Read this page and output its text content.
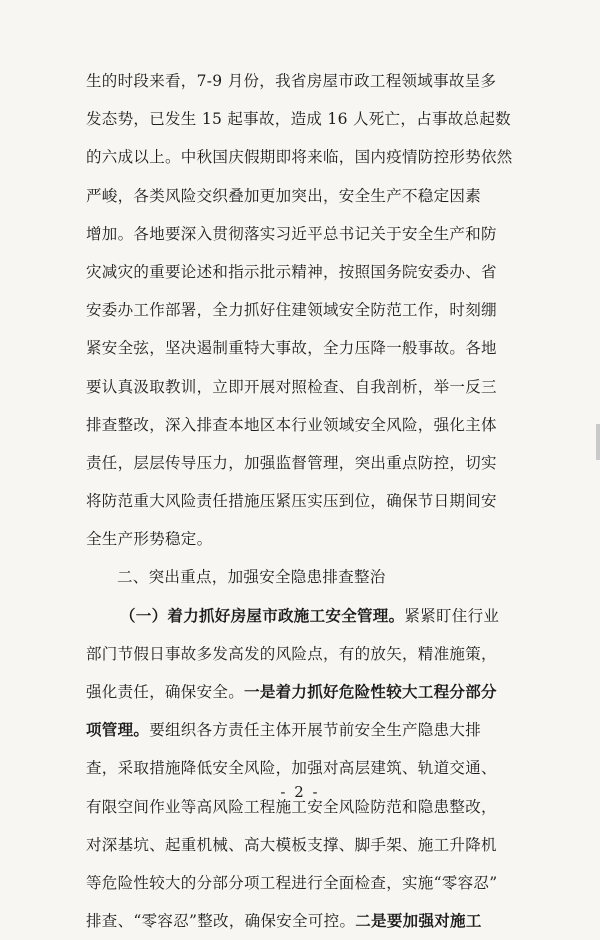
生的时段来看，7-9 月份，我省房屋市政工程领域事故呈多
发态势，已发生 15 起事故，造成 16 人死亡，占事故总起数
的六成以上。中秋国庆假期即将来临，国内疫情防控形势依然
严峻，各类风险交织叠加更加突出，安全生产不稳定因素
增加。各地要深入贯彻落实习近平总书记关于安全生产和防
灾减灾的重要论述和指示批示精神，按照国务院安委办、省
安委办工作部署，全力抓好住建领域安全防范工作，时刻绷
紧安全弦，坚决遏制重特大事故，全力压降一般事故。各地
要认真汲取教训，立即开展对照检查、自我剖析，举一反三
排查整改，深入排查本地区本行业领域安全风险，强化主体
责任，层层传导压力，加强监督管理，突出重点防控，切实
将防范重大风险责任措施压紧压实压到位，确保节日期间安
全生产形势稳定。
二、突出重点，加强安全隐患排查整治
（一）着力抓好房屋市政施工安全管理。紧紧盯住行业
部门节假日事故多发高发的风险点，有的放矢，精准施策，
强化责任，确保安全。一是着力抓好危险性较大工程分部分
项管理。要组织各方责任主体开展节前安全生产隐患大排
查，采取措施降低安全风险，加强对高层建筑、轨道交通、
有限空间作业等高风险工程施工安全风险防范和隐患整改，
对深基坑、起重机械、高大模板支撑、脚手架、施工升降机
等危险性较大的分部分项工程进行全面检查，实施“零容忍”
排查、“零容忍”整改，确保安全可控。二是要加强对施工
- 2 -
